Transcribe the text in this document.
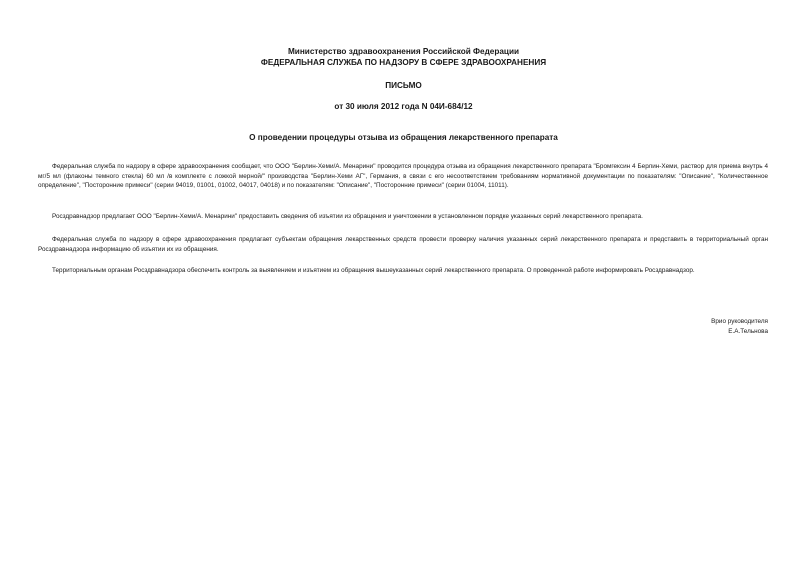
Министерство здравоохранения Российской Федерации
ФЕДЕРАЛЬНАЯ СЛУЖБА ПО НАДЗОРУ В СФЕРЕ ЗДРАВООХРАНЕНИЯ
ПИСЬМО
от 30 июля 2012 года N 04И-684/12
О проведении процедуры отзыва из обращения лекарственного препарата

Федеральная служба по надзору в сфере здравоохранения сообщает, что ООО "Берлин-Хеми/А. Менарини" проводится процедура отзыва из обращения лекарственного препарата "Бромгексин 4 Берлин-Хеми, раствор для приема внутрь 4 мг/5 мл (флаконы темного стекла) 60 мл /в комплекте с ложкой мерной/" производства "Берлин-Хеми АГ", Германия, в связи с его несоответствием требованиям нормативной документации по показателям: "Описание", "Количественное определение", "Посторонние примеси" (серии 94019, 01001, 01002, 04017, 04018) и по показателям: "Описание", "Посторонние примеси" (серии 01004, 11011).

Росздравнадзор предлагает ООО "Берлин-Хеми/А. Менарини" предоставить сведения об изъятии из обращения и уничтожении в установленном порядке указанных серий лекарственного препарата.

Федеральная служба по надзору в сфере здравоохранения предлагает субъектам обращения лекарственных средств провести проверку наличия указанных серий лекарственного препарата и представить в территориальный орган Росздравнадзора информацию об изъятии их из обращения.

Территориальным органам Росздравнадзора обеспечить контроль за выявлением и изъятием из обращения вышеуказанных серий лекарственного препарата. О проведенной работе информировать Росздравнадзор.

Врио руководителя
Е.А.Тельнова
